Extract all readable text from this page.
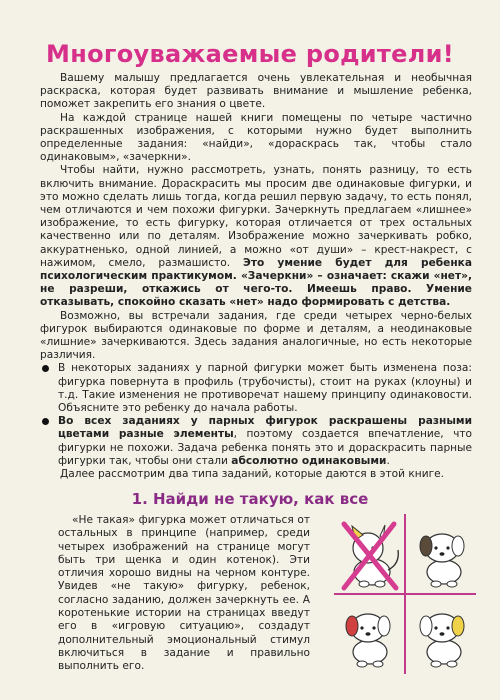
Многоуважаемые родители!

Вашему малышу предлагается очень увлекательная и необычная раскраска, которая будет развивать внимание и мышление ребенка, поможет закрепить его знания о цвете.

На каждой странице нашей книги помещены по четыре частично раскрашенных изображения, с которыми нужно будет выполнить определенные задания: «найди», «дораскрась так, чтобы стало одинаковым», «зачеркни».

Чтобы найти, нужно рассмотреть, узнать, понять разницу, то есть включить внимание. Дораскрасить мы просим две одинаковые фигурки, и это можно сделать лишь тогда, когда решил первую задачу, то есть понял, чем отличаются и чем похожи фигурки. Зачеркнуть предлагаем «лишнее» изображение, то есть фигурку, которая отличается от трех остальных качественно или по деталям. Изображение можно зачеркивать робко, аккуратненько, одной линией, а можно «от души» – крест-накрест, с нажимом, смело, размашисто. Это умение будет для ребенка психологическим практикумом. «Зачеркни» – означает: скажи «нет», не разреши, откажись от чего-то. Имеешь право. Умение отказывать, спокойно сказать «нет» надо формировать с детства.

Возможно, вы встречали задания, где среди четырех черно-белых фигурок выбираются одинаковые по форме и деталям, а неодинаковые «лишние» зачеркиваются. Здесь задания аналогичные, но есть некоторые различия.

В некоторых заданиях у парной фигурки может быть изменена поза: фигурка повернута в профиль (трубочисты), стоит на руках (клоуны) и т.д. Такие изменения не противоречат нашему принципу одинаковости. Объясните это ребенку до начала работы.
Во всех заданиях у парных фигурок раскрашены разными цветами разные элементы, поэтому создается впечатление, что фигурки не похожи. Задача ребенка понять это и дораскрасить парные фигурки так, чтобы они стали абсолютно одинаковыми.

Далее рассмотрим два типа заданий, которые даются в этой книге.

1. Найди не такую, как все

«Не такая» фигурка может отличаться от остальных в принципе (например, среди четырех изображений на странице могут быть три щенка и один котенок). Эти отличия хорошо видны на черном контуре. Увидев «не такую» фигурку, ребенок, согласно заданию, должен зачеркнуть ее. А коротенькие истории на страницах введут его в «игровую ситуацию», создадут дополнительный эмоциональный стимул включиться в задание и правильно выполнить его.
